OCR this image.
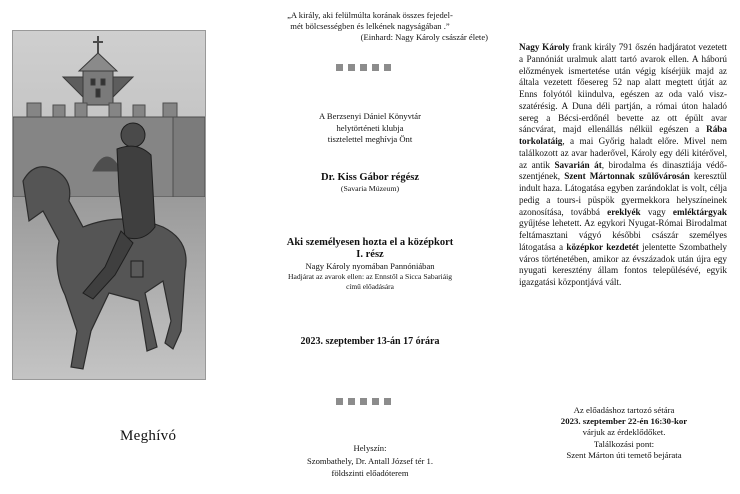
Meghívó
„A király, aki felülmúlta korának összes fejedel-
mét bölcsességben és lelkének nagyságában .”
(Einhard: Nagy Károly császár élete)
A Berzsenyi Dániel Könyvtár
helytörténeti klubja
tisztelettel meghívja Önt
Dr. Kiss Gábor régész
(Savaria Múzeum)
Aki személyesen hozta el a középkort
I. rész
Nagy Károly nyomában Pannóniában
Hadjárat az avarok ellen: az Ennstől a Sicca Sabariáig
című előadására
2023. szeptember 13-án 17 órára
Helyszín:
Szombathely, Dr. Antall József tér 1.
földszinti előadóterem
Nagy Károly frank király 791 őszén hadjáratot vezetett a Pannóniát uralmuk alatt tartó avarok ellen. A háború előzmények ismertetése után végig kísérjük majd az általa vezetett főesereg 52 nap alatt megtett útját az Enns folyótól kiindulva, egészen az oda való viszszatérésig. A Duna déli partján, a római úton haladó sereg a Bécsi-erdőnél bevette az ott épült avar sáncvárat, majd ellenállás nélkül egészen a Rába torkolatáig, a mai Győrig haladt előre. Mivel nem találkozott az avar haderővel, Károly egy déli kitérővel, az antik Savarián át, birodalma és dinasztiája védőszentjének, Szent Mártonnak szülővárosán keresztül indult haza. Látogatása egyben zarándoklat is volt, célja pedig a tours-i püspök gyermekkora helyszíneinek azonosítása, továbbá ereklyék vagy emléktárgyak gyűjtése lehetett. Az egykori Nyugat-Római Birodalmat feltámasztani vágyó későbbi császár személyes látogatása a középkor kezdetét jelentette Szombathely város történetében, amikor az évszázadok után újra egy nyugati keresztény állam fontos településévé, egyik igazgatási központjává vált.
Az előadáshoz tartozó sétára
2023. szeptember 22-én 16:30-kor
várjuk az érdeklődőket.
Találkozási pont:
Szent Márton úti temető bejárata
